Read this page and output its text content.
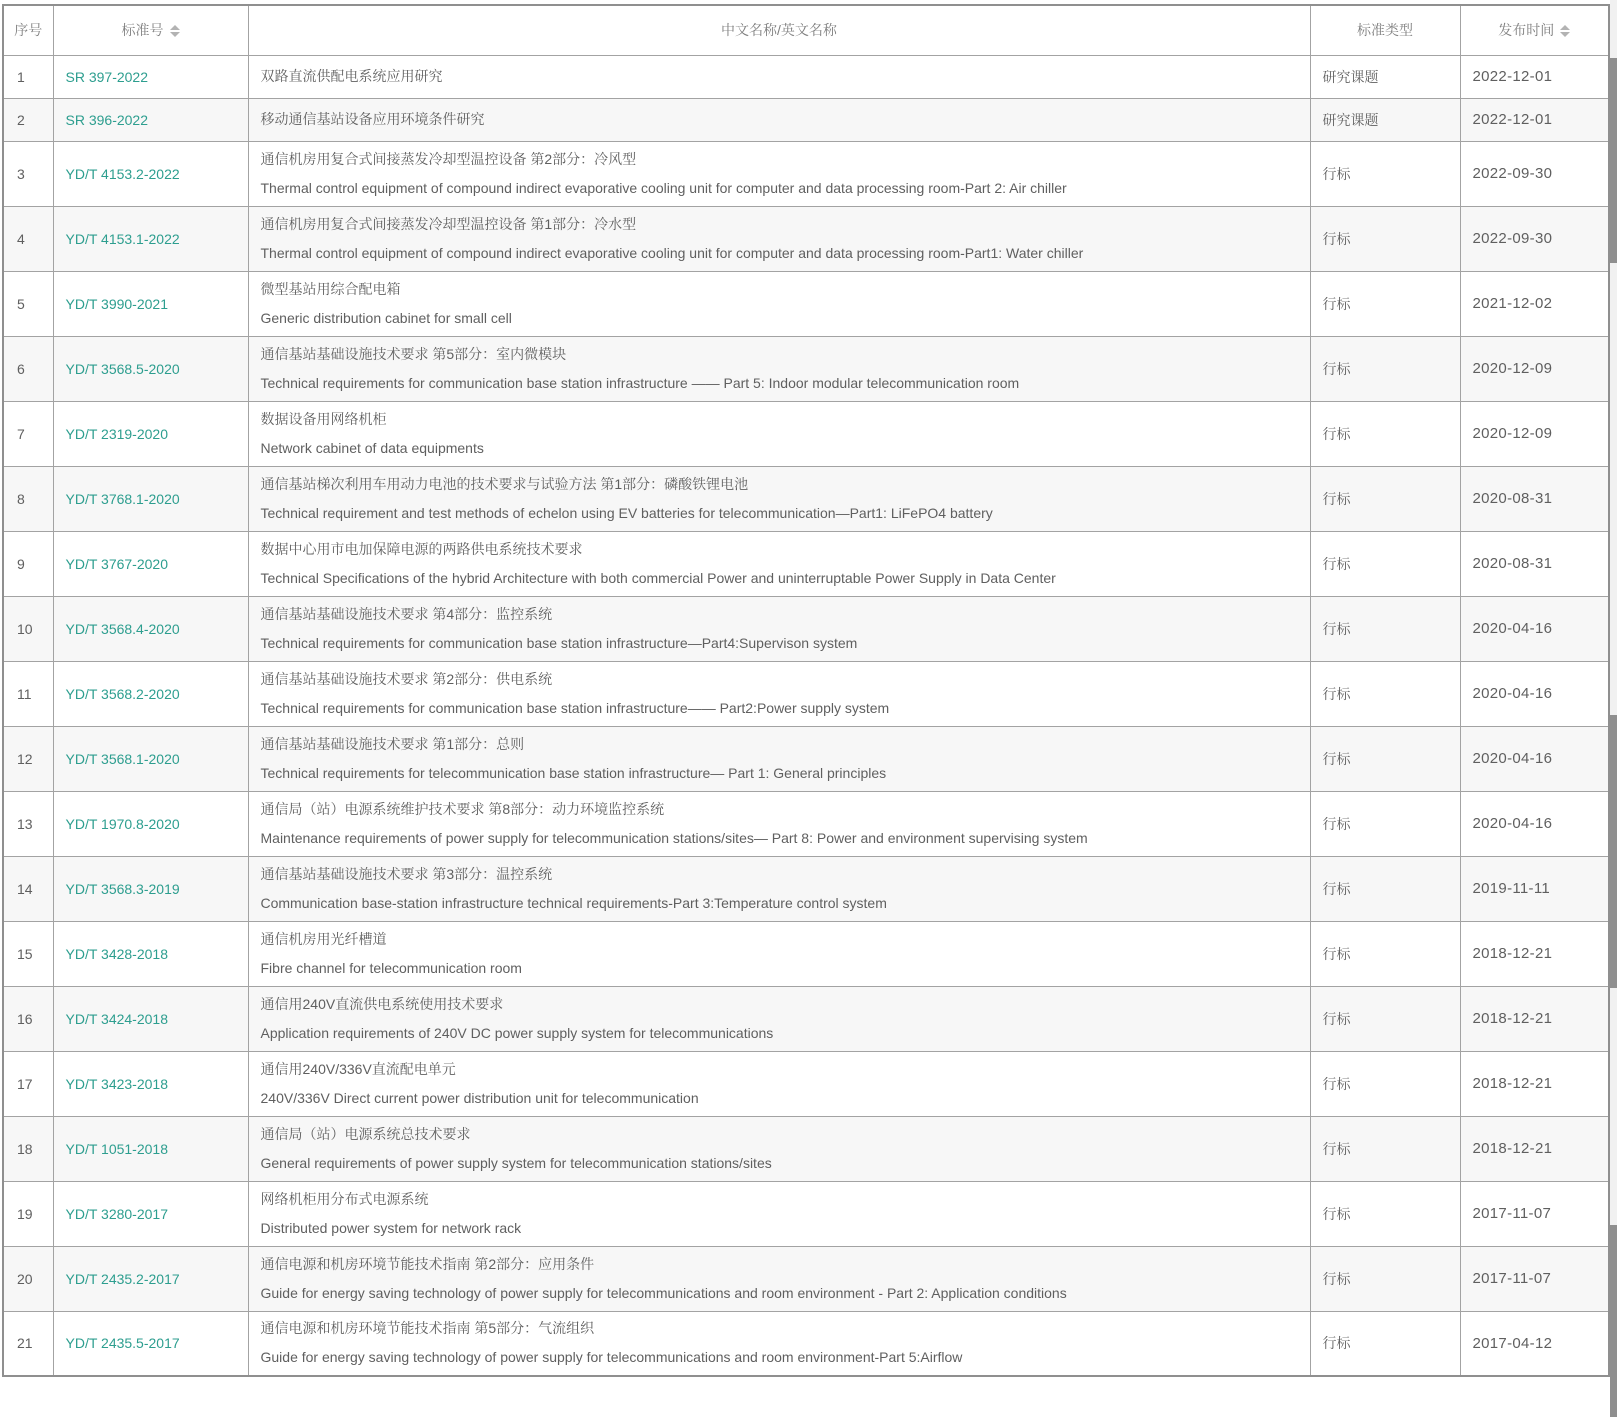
序号	标准号	中文名称/英文名称	标准类型	发布时间

1	SR 397-2022	双路直流供配电系统应用研究	研究课题	2022-12-01
2	SR 396-2022	移动通信基站设备应用环境条件研究	研究课题	2022-12-01
3	YD/T 4153.2-2022	通信机房用复合式间接蒸发冷却型温控设备 第2部分：冷风型
Thermal control equipment of compound indirect evaporative cooling unit for computer and data processing room-Part 2: Air chiller	行标	2022-09-30
4	YD/T 4153.1-2022	通信机房用复合式间接蒸发冷却型温控设备 第1部分：冷水型
Thermal control equipment of compound indirect evaporative cooling unit for computer and data processing room-Part1: Water chiller	行标	2022-09-30
5	YD/T 3990-2021	微型基站用综合配电箱
Generic distribution cabinet for small cell	行标	2021-12-02
6	YD/T 3568.5-2020	通信基站基础设施技术要求 第5部分：室内微模块
Technical requirements for communication base station infrastructure —— Part 5: Indoor modular telecommunication room	行标	2020-12-09
7	YD/T 2319-2020	数据设备用网络机柜
Network cabinet of data equipments	行标	2020-12-09
8	YD/T 3768.1-2020	通信基站梯次利用车用动力电池的技术要求与试验方法 第1部分：磷酸铁锂电池
Technical requirement and test methods of echelon using EV batteries for telecommunication—Part1: LiFePO4 battery	行标	2020-08-31
9	YD/T 3767-2020	数据中心用市电加保障电源的两路供电系统技术要求
Technical Specifications of the hybrid Architecture with both commercial Power and uninterruptable Power Supply in Data Center	行标	2020-08-31
10	YD/T 3568.4-2020	通信基站基础设施技术要求 第4部分：监控系统
Technical requirements for communication base station infrastructure—Part4:Supervison system	行标	2020-04-16
11	YD/T 3568.2-2020	通信基站基础设施技术要求 第2部分：供电系统
Technical requirements for communication base station infrastructure—— Part2:Power supply system	行标	2020-04-16
12	YD/T 3568.1-2020	通信基站基础设施技术要求 第1部分：总则
Technical requirements for telecommunication base station infrastructure— Part 1: General principles	行标	2020-04-16
13	YD/T 1970.8-2020	通信局（站）电源系统维护技术要求 第8部分：动力环境监控系统
Maintenance requirements of power supply for telecommunication stations/sites— Part 8: Power and environment supervising system	行标	2020-04-16
14	YD/T 3568.3-2019	通信基站基础设施技术要求 第3部分：温控系统
Communication base-station infrastructure technical requirements-Part 3:Temperature control system	行标	2019-11-11
15	YD/T 3428-2018	通信机房用光纤槽道
Fibre channel for telecommunication room	行标	2018-12-21
16	YD/T 3424-2018	通信用240V直流供电系统使用技术要求
Application requirements of 240V DC power supply system for telecommunications	行标	2018-12-21
17	YD/T 3423-2018	通信用240V/336V直流配电单元
240V/336V Direct current power distribution unit for telecommunication	行标	2018-12-21
18	YD/T 1051-2018	通信局（站）电源系统总技术要求
General requirements of power supply system for telecommunication stations/sites	行标	2018-12-21
19	YD/T 3280-2017	网络机柜用分布式电源系统
Distributed power system for network rack	行标	2017-11-07
20	YD/T 2435.2-2017	通信电源和机房环境节能技术指南 第2部分：应用条件
Guide for energy saving technology of power supply for telecommunications and room environment - Part 2: Application conditions	行标	2017-11-07
21	YD/T 2435.5-2017	通信电源和机房环境节能技术指南 第5部分：气流组织
Guide for energy saving technology of power supply for telecommunications and room environment-Part 5:Airflow	行标	2017-04-12
